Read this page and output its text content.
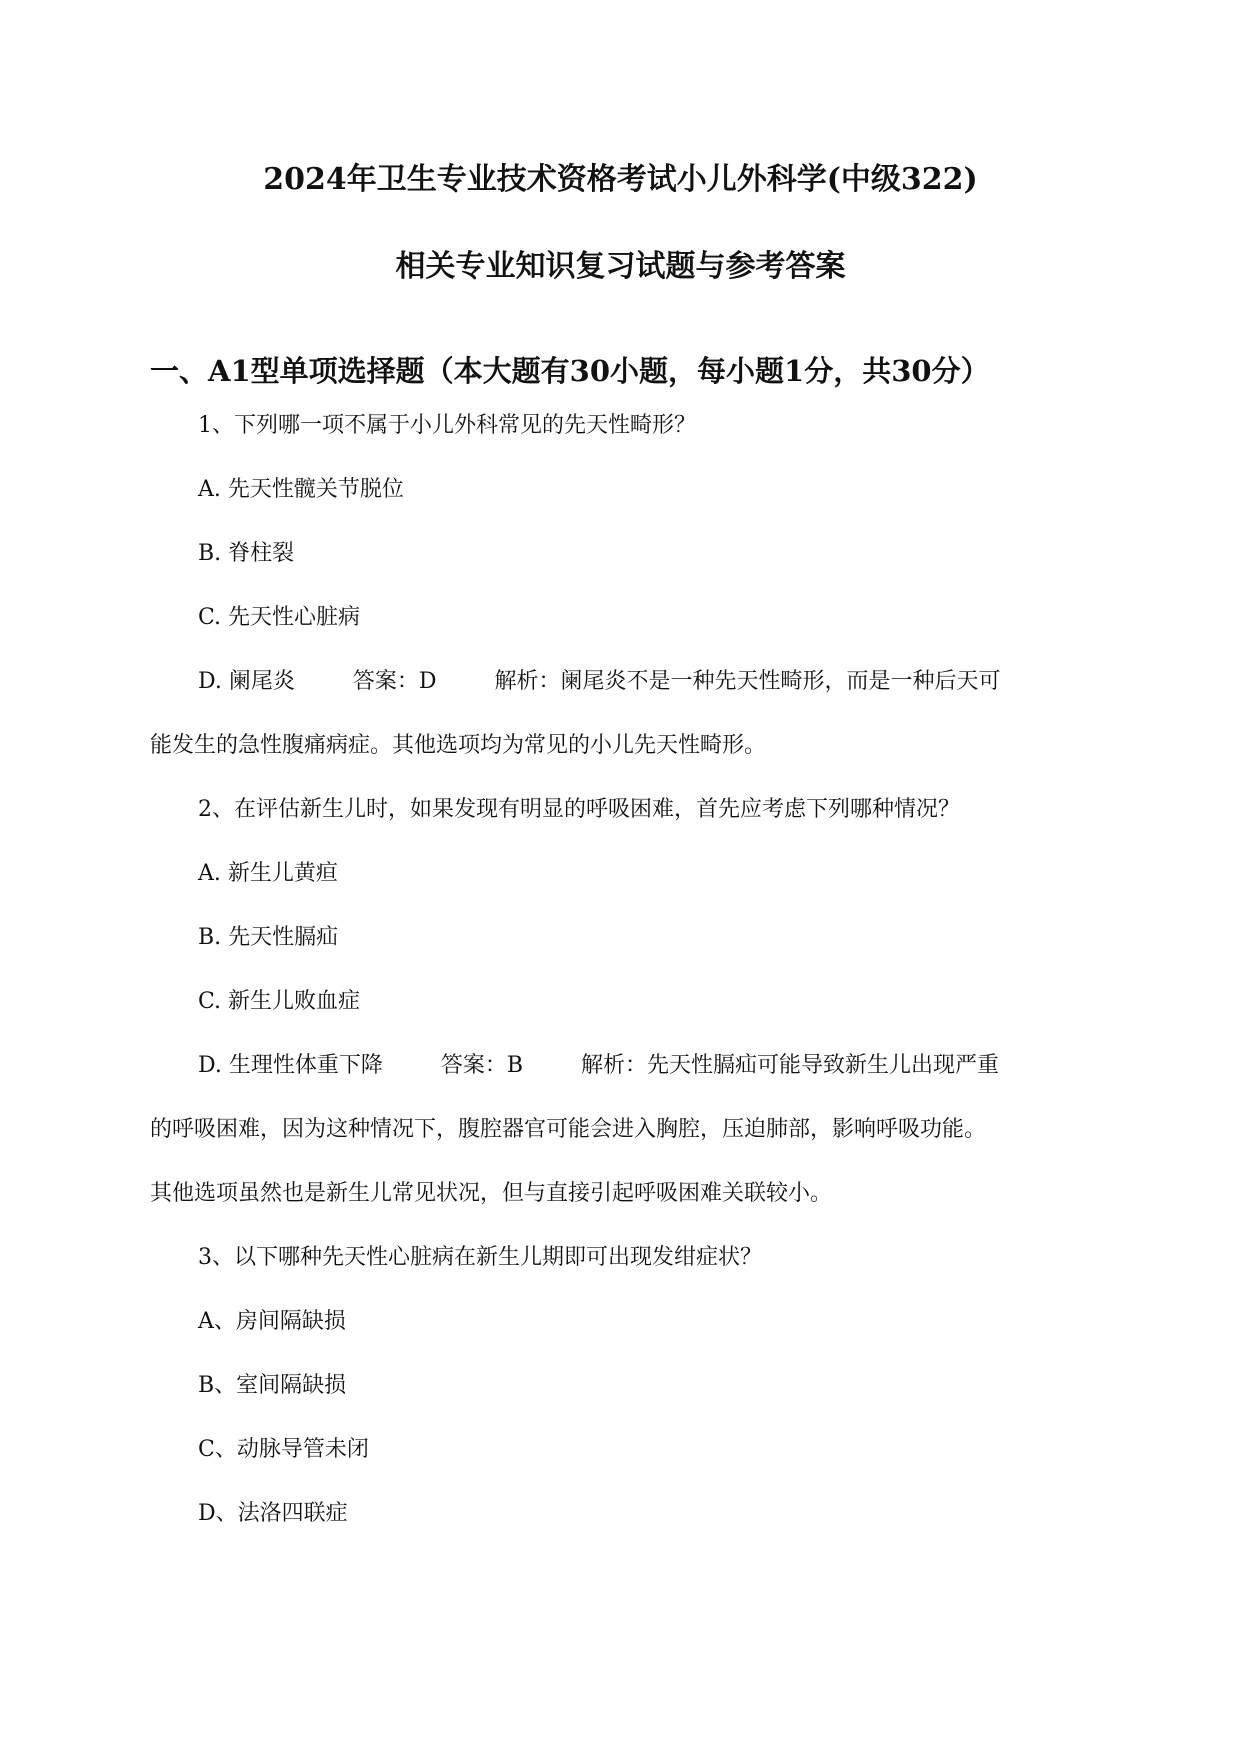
2024年卫生专业技术资格考试小儿外科学(中级322)
相关专业知识复习试题与参考答案
一、A1型单项选择题（本大题有30小题，每小题1分，共30分）
1、下列哪一项不属于小儿外科常见的先天性畸形？
A. 先天性髋关节脱位
B. 脊柱裂
C. 先天性心脏病
D. 阑尾炎	答案：D	解析：阑尾炎不是一种先天性畸形，而是一种后天可
能发生的急性腹痛病症。其他选项均为常见的小儿先天性畸形。
2、在评估新生儿时，如果发现有明显的呼吸困难，首先应考虑下列哪种情况？
A. 新生儿黄疸
B. 先天性膈疝
C. 新生儿败血症
D. 生理性体重下降	答案：B	解析：先天性膈疝可能导致新生儿出现严重
的呼吸困难，因为这种情况下，腹腔器官可能会进入胸腔，压迫肺部，影响呼吸功能。
其他选项虽然也是新生儿常见状况，但与直接引起呼吸困难关联较小。
3、以下哪种先天性心脏病在新生儿期即可出现发绀症状？
A、房间隔缺损
B、室间隔缺损
C、动脉导管未闭
D、法洛四联症
